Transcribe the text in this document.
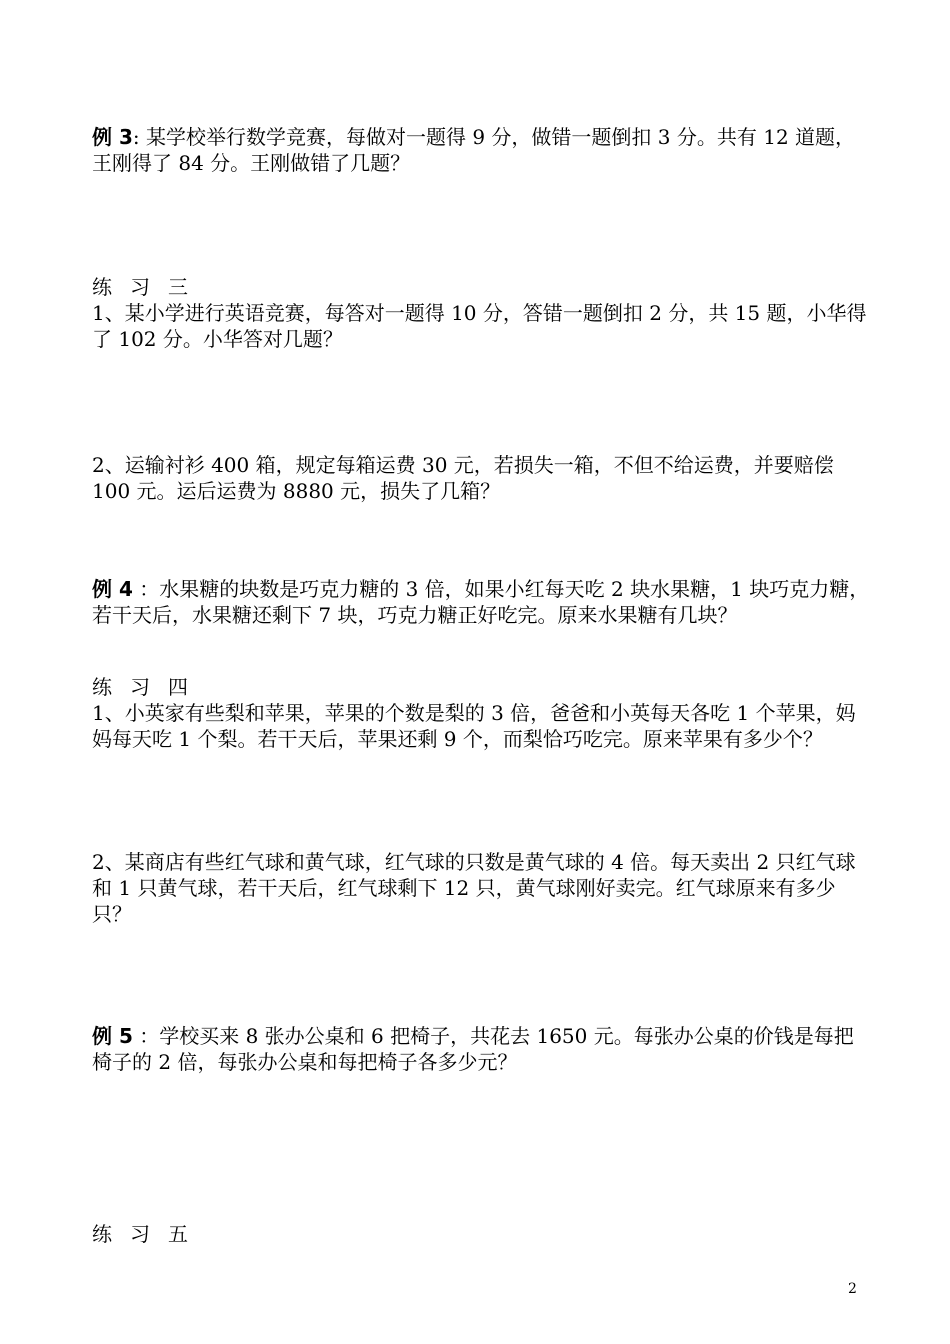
例 3: 某学校举行数学竞赛，每做对一题得 9 分，做错一题倒扣 3 分。共有 12 道题，王刚得了 84 分。王刚做错了几题？
练习三
1、某小学进行英语竞赛，每答对一题得 10 分，答错一题倒扣 2 分，共 15 题，小华得了 102 分。小华答对几题？
2、运输衬衫 400 箱，规定每箱运费 30 元，若损失一箱，不但不给运费，并要赔偿 100 元。运后运费为 8880 元，损失了几箱？
例 4 ：水果糖的块数是巧克力糖的 3 倍，如果小红每天吃 2 块水果糖，1 块巧克力糖，若干天后，水果糖还剩下 7 块，巧克力糖正好吃完。原来水果糖有几块？
练习四
1、小英家有些梨和苹果，苹果的个数是梨的 3 倍，爸爸和小英每天各吃 1 个苹果，妈妈每天吃 1 个梨。若干天后，苹果还剩 9 个，而梨恰巧吃完。原来苹果有多少个？
2、某商店有些红气球和黄气球，红气球的只数是黄气球的 4 倍。每天卖出 2 只红气球和 1 只黄气球，若干天后，红气球剩下 12 只，黄气球刚好卖完。红气球原来有多少只？
例 5 ：学校买来 8 张办公桌和 6 把椅子，共花去 1650 元。每张办公桌的价钱是每把椅子的 2 倍，每张办公桌和每把椅子各多少元？
练习五
2
